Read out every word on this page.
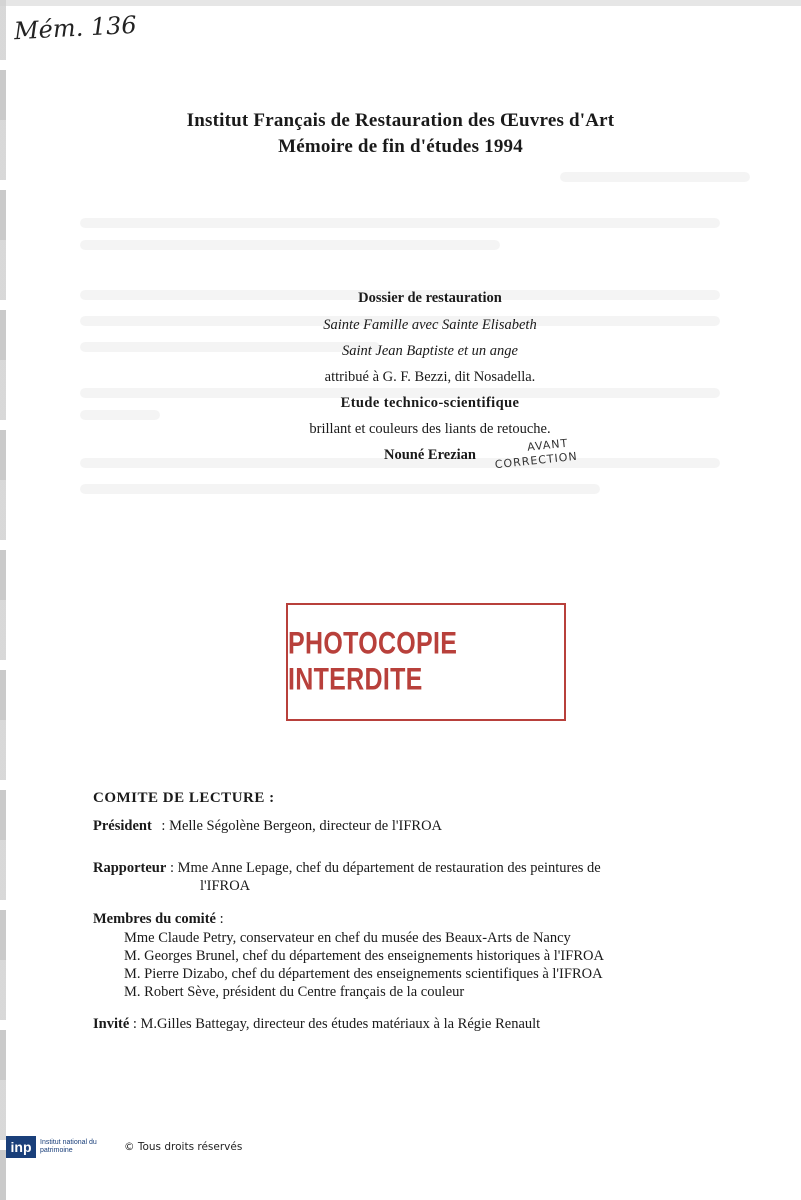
Mém. 136
Institut Français de Restauration des Œuvres d'Art
Mémoire de fin d'études 1994
Dossier de restauration
Sainte Famille avec Sainte Elisabeth
Saint Jean Baptiste et un ange
attribué à G. F. Bezzi, dit Nosadella.
Etude technico-scientifique
brillant et couleurs des liants de retouche.
Nouné Erezian
AVANT
CORRECTION
PHOTOCOPIE INTERDITE
COMITE DE LECTURE :
Président : Melle Ségolène Bergeon, directeur de l'IFROA
Rapporteur : Mme Anne Lepage, chef du département de restauration des peintures de
l'IFROA
Membres du comité :
Mme Claude Petry, conservateur en chef du musée des Beaux-Arts de Nancy
M. Georges Brunel, chef du département des enseignements historiques à l'IFROA
M. Pierre Dizabo, chef du département des enseignements scientifiques à l'IFROA
M. Robert Sève, président du Centre français de la couleur
Invité : M.Gilles Battegay, directeur des études matériaux à la Régie Renault
inp	Institut national du patrimoine	© Tous droits réservés
